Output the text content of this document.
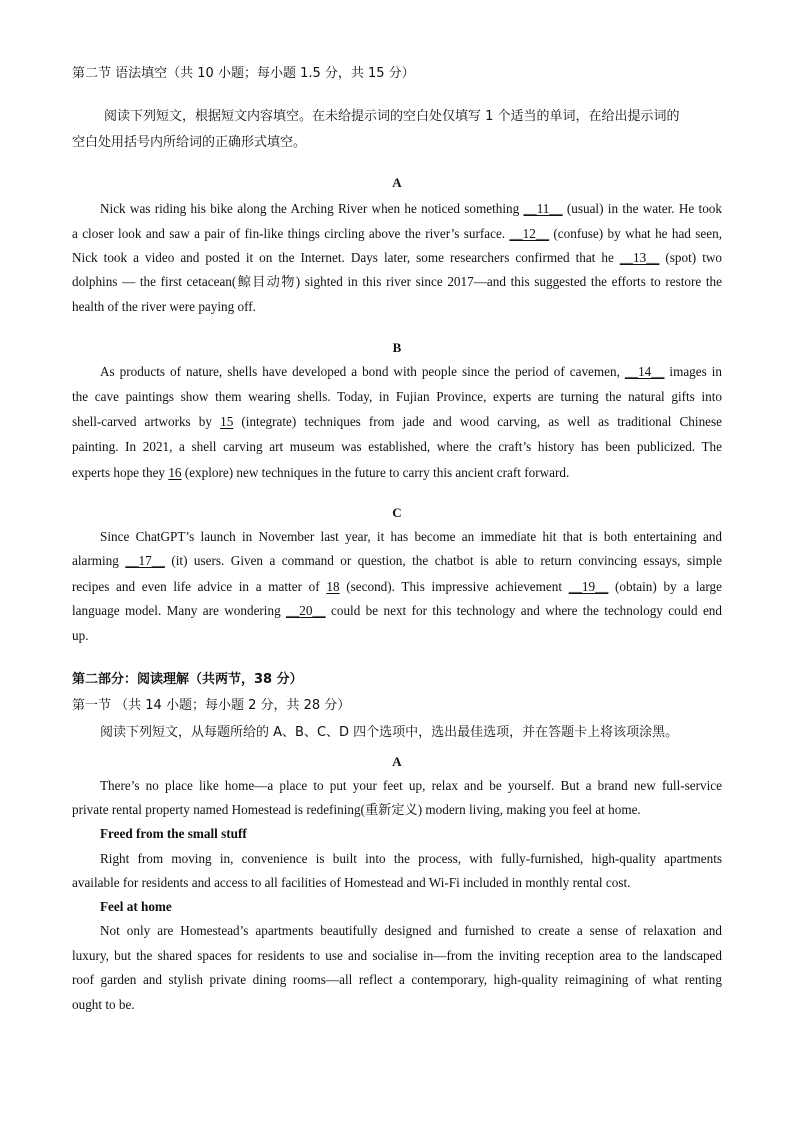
第二节 语法填空（共 10 小题；每小题 1.5 分，共 15 分）
阅读下列短文，根据短文内容填空。在未给提示词的空白处仅填写 1 个适当的单词，在给出提示词的
空白处用括号内所给词的正确形式填空。
A
Nick was riding his bike along the Arching River when he noticed something __11__ (usual) in the water. He took
a closer look and saw a pair of fin-like things circling above the river’s surface. __12__ (confuse) by what he had seen,
Nick took a video and posted it on the Internet. Days later, some researchers confirmed that he __13__ (spot) two
dolphins — the first cetacean(鲸目动物) sighted in this river since 2017—and this suggested the efforts to restore the
health of the river were paying off.
B
As products of nature, shells have developed a bond with people since the period of cavemen, __14__ images in
the cave paintings show them wearing shells. Today, in Fujian Province, experts are turning the natural gifts into
shell-carved artworks by 15 (integrate) techniques from jade and wood carving, as well as traditional Chinese
painting. In 2021, a shell carving art museum was established, where the craft’s history has been publicized. The
experts hope they 16 (explore) new techniques in the future to carry this ancient craft forward.
C
Since ChatGPT’s launch in November last year, it has become an immediate hit that is both entertaining and
alarming __17__ (it) users. Given a command or question, the chatbot is able to return convincing essays, simple
recipes and even life advice in a matter of 18 (second). This impressive achievement __19__ (obtain) by a large
language model. Many are wondering __20__ could be next for this technology and where the technology could end
up.
第二部分：阅读理解（共两节，38 分）
第一节 （共 14 小题；每小题 2 分，共 28 分）
阅读下列短文，从每题所给的 A、B、C、D 四个选项中，选出最佳选项，并在答题卡上将该项涂黑。
A
There’s no place like home—a place to put your feet up, relax and be yourself. But a brand new full-service
private rental property named Homestead is redefining(重新定义) modern living, making you feel at home.
Freed from the small stuff
Right from moving in, convenience is built into the process, with fully-furnished, high-quality apartments
available for residents and access to all facilities of Homestead and Wi-Fi included in monthly rental cost.
Feel at home
Not only are Homestead’s apartments beautifully designed and furnished to create a sense of relaxation and
luxury, but the shared spaces for residents to use and socialise in—from the inviting reception area to the landscaped
roof garden and stylish private dining rooms—all reflect a contemporary, high-quality reimagining of what renting
ought to be.
